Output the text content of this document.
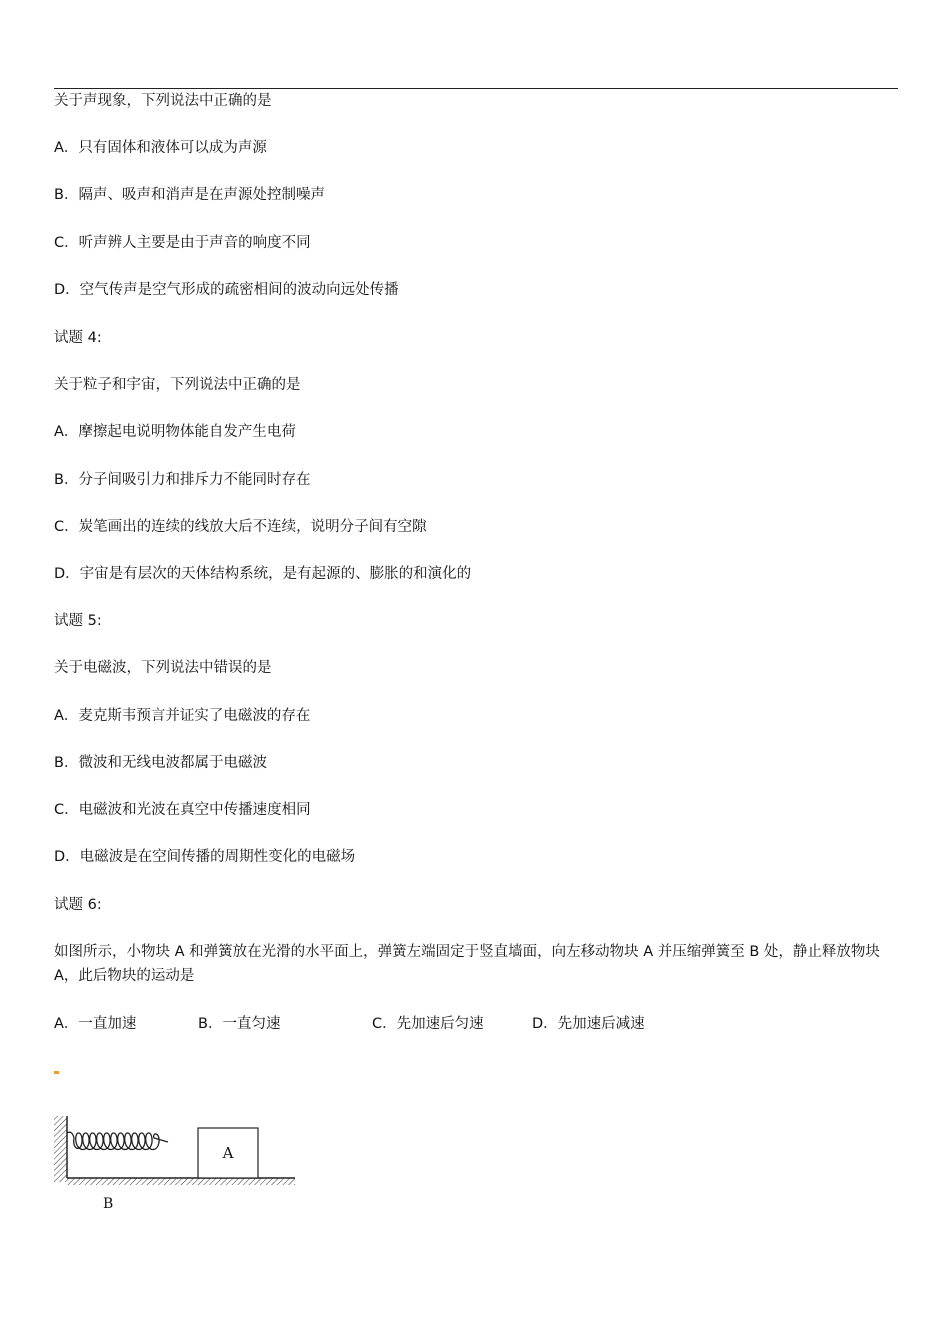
关于声现象，下列说法中正确的是
A．只有固体和液体可以成为声源
B．隔声、吸声和消声是在声源处控制噪声
C．听声辨人主要是由于声音的响度不同
D．空气传声是空气形成的疏密相间的波动向远处传播
试题 4:
关于粒子和宇宙，下列说法中正确的是
A．摩擦起电说明物体能自发产生电荷
B．分子间吸引力和排斥力不能同时存在
C．炭笔画出的连续的线放大后不连续，说明分子间有空隙
D．宇宙是有层次的天体结构系统，是有起源的、膨胀的和演化的
试题 5:
关于电磁波，下列说法中错误的是
A．麦克斯韦预言并证实了电磁波的存在
B．微波和无线电波都属于电磁波
C．电磁波和光波在真空中传播速度相同
D．电磁波是在空间传播的周期性变化的电磁场
试题 6:
如图所示，小物块 A 和弹簧放在光滑的水平面上，弹簧左端固定于竖直墙面，向左移动物块 A 并压缩弹簧至 B 处，静止释放物块 A，此后物块的运动是
A．一直加速	B．一直匀速	C．先加速后匀速	D．先加速后减速
A
B
